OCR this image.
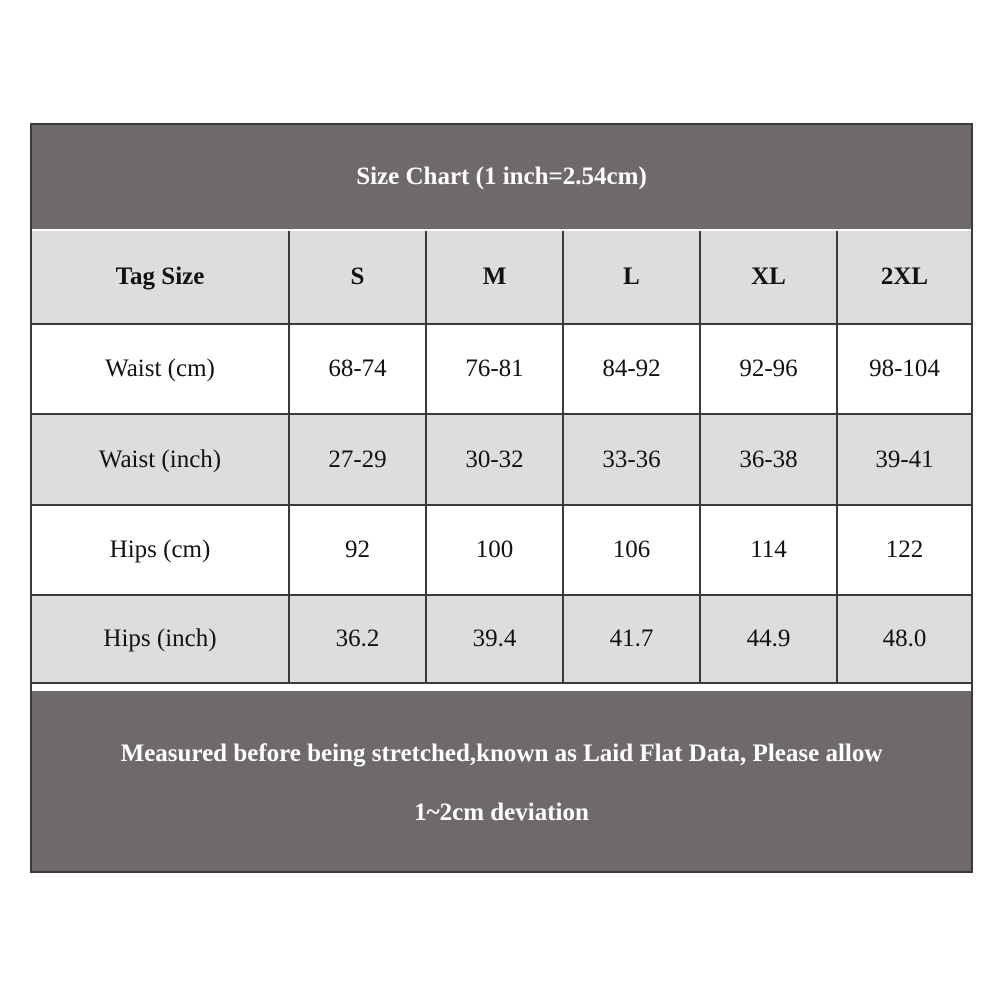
Size Chart (1 inch=2.54cm)
Tag Size	S	M	L	XL	2XL
Waist (cm)	68-74	76-81	84-92	92-96	98-104
Waist (inch)	27-29	30-32	33-36	36-38	39-41
Hips (cm)	92	100	106	114	122
Hips (inch)	36.2	39.4	41.7	44.9	48.0
Measured before being stretched,known as Laid Flat Data, Please allow
1~2cm deviation
